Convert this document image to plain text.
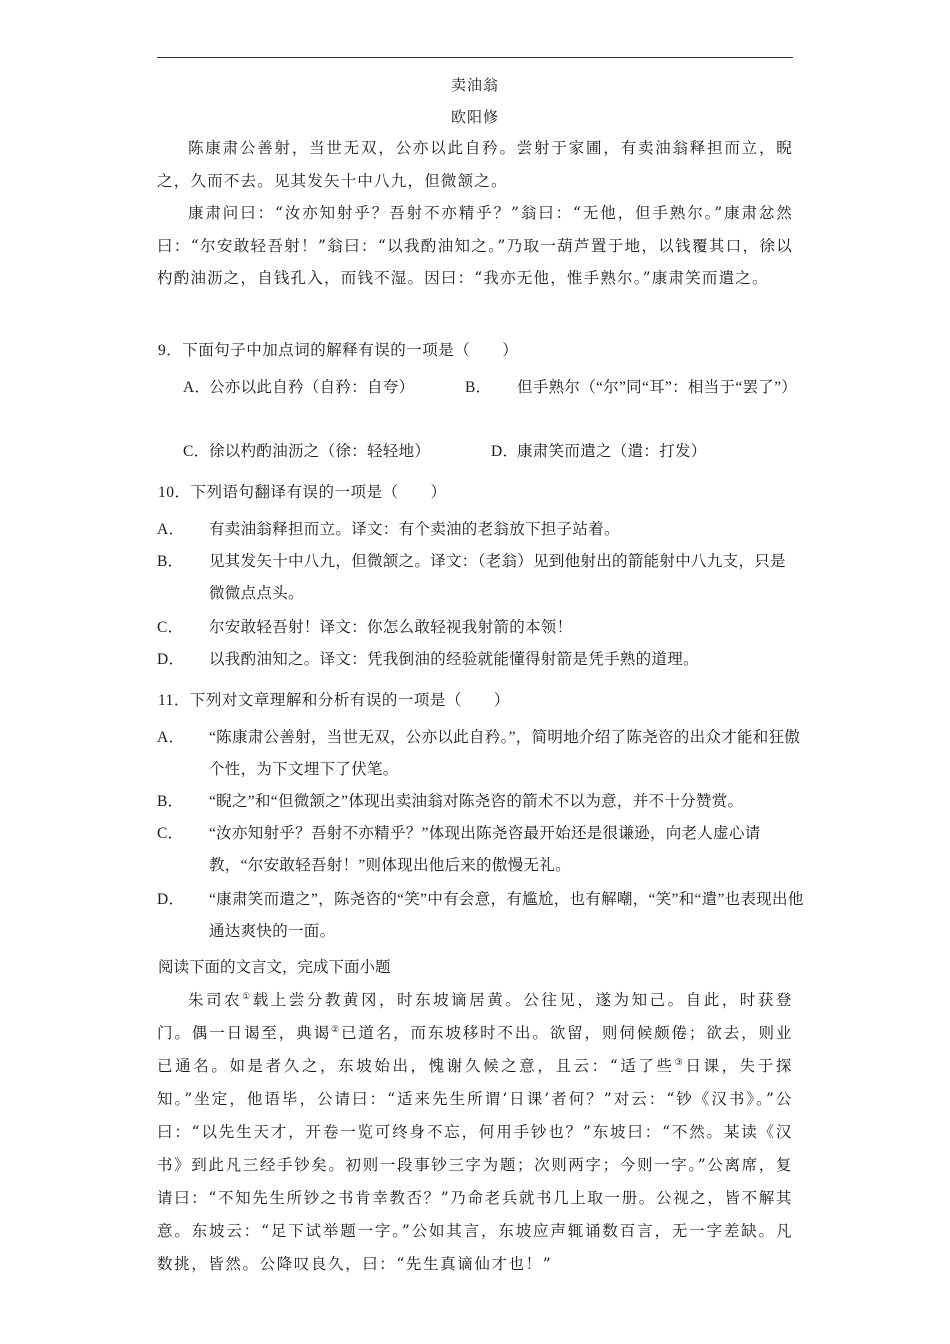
卖油翁
欧阳修

陈康肃公善射，当世无双，公亦以此自矜。尝射于家圃，有卖油翁释担而立，睨之，久而不去。见其发矢十中八九，但微颔之。

康肃问曰：“汝亦知射乎？吾射不亦精乎？”翁曰：“无他，但手熟尔。”康肃忿然曰：“尔安敢轻吾射！”翁曰：“以我酌油知之。”乃取一葫芦置于地，以钱覆其口，徐以杓酌油沥之，自钱孔入，而钱不湿。因曰：“我亦无他，惟手熟尔。”康肃笑而遣之。

9．下面句子中加点词的解释有误的一项是（　　）
A．公亦以此自矜（自矜：自夸）	B． 但手熟尔（“尔”同“耳”：相当于“罢了”）
C．徐以杓酌油沥之（徐：轻轻地）	D．康肃笑而遣之（遣：打发）
10．下列语句翻译有误的一项是（　　）
A． 有卖油翁释担而立。译文：有个卖油的老翁放下担子站着。
B． 见其发矢十中八九，但微颔之。译文：（老翁）见到他射出的箭能射中八九支，只是微微点点头。
C． 尔安敢轻吾射！译文：你怎么敢轻视我射箭的本领！
D． 以我酌油知之。译文：凭我倒油的经验就能懂得射箭是凭手熟的道理。
11．下列对文章理解和分析有误的一项是（　　）
A． “陈康肃公善射，当世无双，公亦以此自矜。”，简明地介绍了陈尧咨的出众才能和狂傲个性，为下文埋下了伏笔。
B． “睨之”和“但微颔之”体现出卖油翁对陈尧咨的箭术不以为意，并不十分赞赏。
C． “汝亦知射乎？吾射不亦精乎？”体现出陈尧咨最开始还是很谦逊，向老人虚心请教，“尔安敢轻吾射！”则体现出他后来的傲慢无礼。
D． “康肃笑而遣之”，陈尧咨的“笑”中有会意，有尴尬，也有解嘲，“笑”和“遣”也表现出他通达爽快的一面。
阅读下面的文言文，完成下面小题

朱司农①载上尝分教黄冈，时东坡谪居黄。公往见，遂为知己。自此，时获登门。偶一日谒至，典谒②已道名，而东坡移时不出。欲留，则伺候颇倦；欲去，则业已通名。如是者久之，东坡始出，愧谢久候之意，且云：“适了些③日课，失于探知。”坐定，他语毕，公请曰：“适来先生所谓‘日课’者何？”对云：“钞《汉书》。”公曰：“以先生天才，开卷一览可终身不忘，何用手钞也？”东坡曰：“不然。某读《汉书》到此凡三经手钞矣。初则一段事钞三字为题；次则两字；今则一字。”公离席，复请曰：“不知先生所钞之书肯幸教否？”乃命老兵就书几上取一册。公视之，皆不解其意。东坡云：“足下试举题一字。”公如其言，东坡应声辄诵数百言，无一字差缺。凡数挑，皆然。公降叹良久，曰：“先生真谪仙才也！”
